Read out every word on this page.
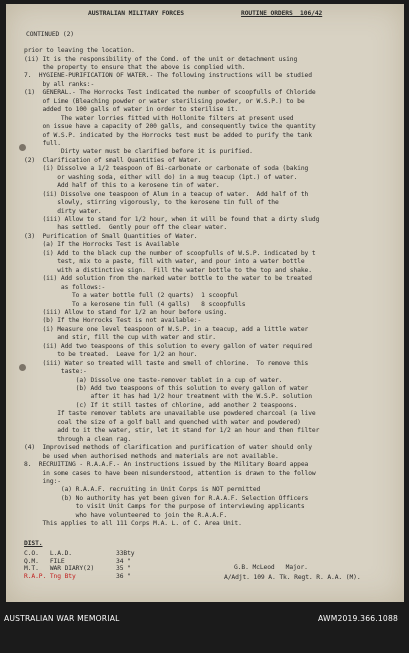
AUSTRALIAN MILITARY FORCES	ROUTINE ORDERS  106/42
CONTINUED (2)
prior to leaving the location.
(ii) It is the responsibility of the Comd. of the unit or detachment using
the property to ensure that the above is complied with.
7.  HYGIENE-PURIFICATION OF WATER.- The following instructions will be studied
by all ranks:-
(1)  GENERAL.- The Horrocks Test indicated the number of scoopfulls of Chloride
of Lime (Bleaching powder or water sterilising powder, or W.S.P.) to be
added to 100 galls of water in order to sterilise it.
The water lorries fitted with Hollonite filters at present used
on issue have a capacity of 200 galls, and consequently twice the quantity
of W.S.P. indicated by the Horrocks test must be added to purify the tank
full.
Dirty water must be clarified before it is purified.
(2)  Clarification of small Quantities of Water.
(i) Dissolve a 1/2 teaspoon of Bi-carbonate or carbonate of soda (baking
or washing soda, either will do) in a mug teacup (1pt.) of water.
Add half of this to a kerosene tin of water.
(ii) Dissolve one teaspoon of Alum in a teacup of water.  Add half of th
slowly, stirring vigorously, to the kerosene tin full of the
dirty water.
(iii) Allow to stand for 1/2 hour, when it will be found that a dirty sludg
has settled.  Gently pour off the clear water.
(3)  Purification of Small Quantities of Water.
(a) If the Horrocks Test is Available
(i) Add to the black cup the number of scoopfulls of W.S.P. indicated by t
test, mix to a paste, fill with water, and pour into a water bottle
with a distinctive sign.  Fill the water bottle to the top and shake.
(ii) Add solution from the marked water bottle to the water to be treated
as follows:-
To a water bottle full (2 quarts)  1 scoopful
To a kerosene tin full (4 galls)   8 scoopfulls
(iii) Allow to stand for 1/2 an hour before using.
(b) If the Horrocks Test is not available:-
(i) Measure one level teaspoon of W.S.P. in a teacup, add a little water
and stir, fill the cup with water and stir.
(ii) Add two teaspoons of this solution to every gallon of water required
to be treated.  Leave for 1/2 an hour.
(iii) Water so treated will taste and smell of chlorine.  To remove this
taste:-
(a) Dissolve one taste-remover tablet in a cup of water.
(b) Add two teaspoons of this solution to every gallon of water
after it has had 1/2 hour treatment with the W.S.P. solution
(c) If it still tastes of chlorine, add another 2 teaspoons.
If taste remover tablets are unavailable use powdered charcoal (a live
coal the size of a golf ball and quenched with water and powdered)
add to it the water, stir, let it stand for 1/2 an hour and then filter
through a clean rag.
(4)  Improvised methods of clarification and purification of water should only
be used when authorised methods and materials are not available.
8.  RECRUITING - R.A.A.F.- An instructions issued by the Military Board appea
in some cases to have been misunderstood, attention is drawn to the follow
ing:-
(a) R.A.A.F. recruiting in Unit Corps is NOT permitted
(b) No authority has yet been given for R.A.A.F. Selection Officers
to visit Unit Camps for the purpose of interviewing applicants
who have volunteered to join the R.A.A.F.
This applies to all 111 Corps M.A. L. of C. Area Unit.
DIST.
C.O.   L.A.D.	33Bty
Q.M.   FILE	34 "
M.T.   WAR DIARY(2)	35 "
R.A.P. Tng Bty	36 "
G.B. McLeod   Major.
A/Adjt. 109 A. Tk. Regt. R. A.A. (M).
AUSTRALIAN WAR MEMORIAL	AWM2019.366.1088
